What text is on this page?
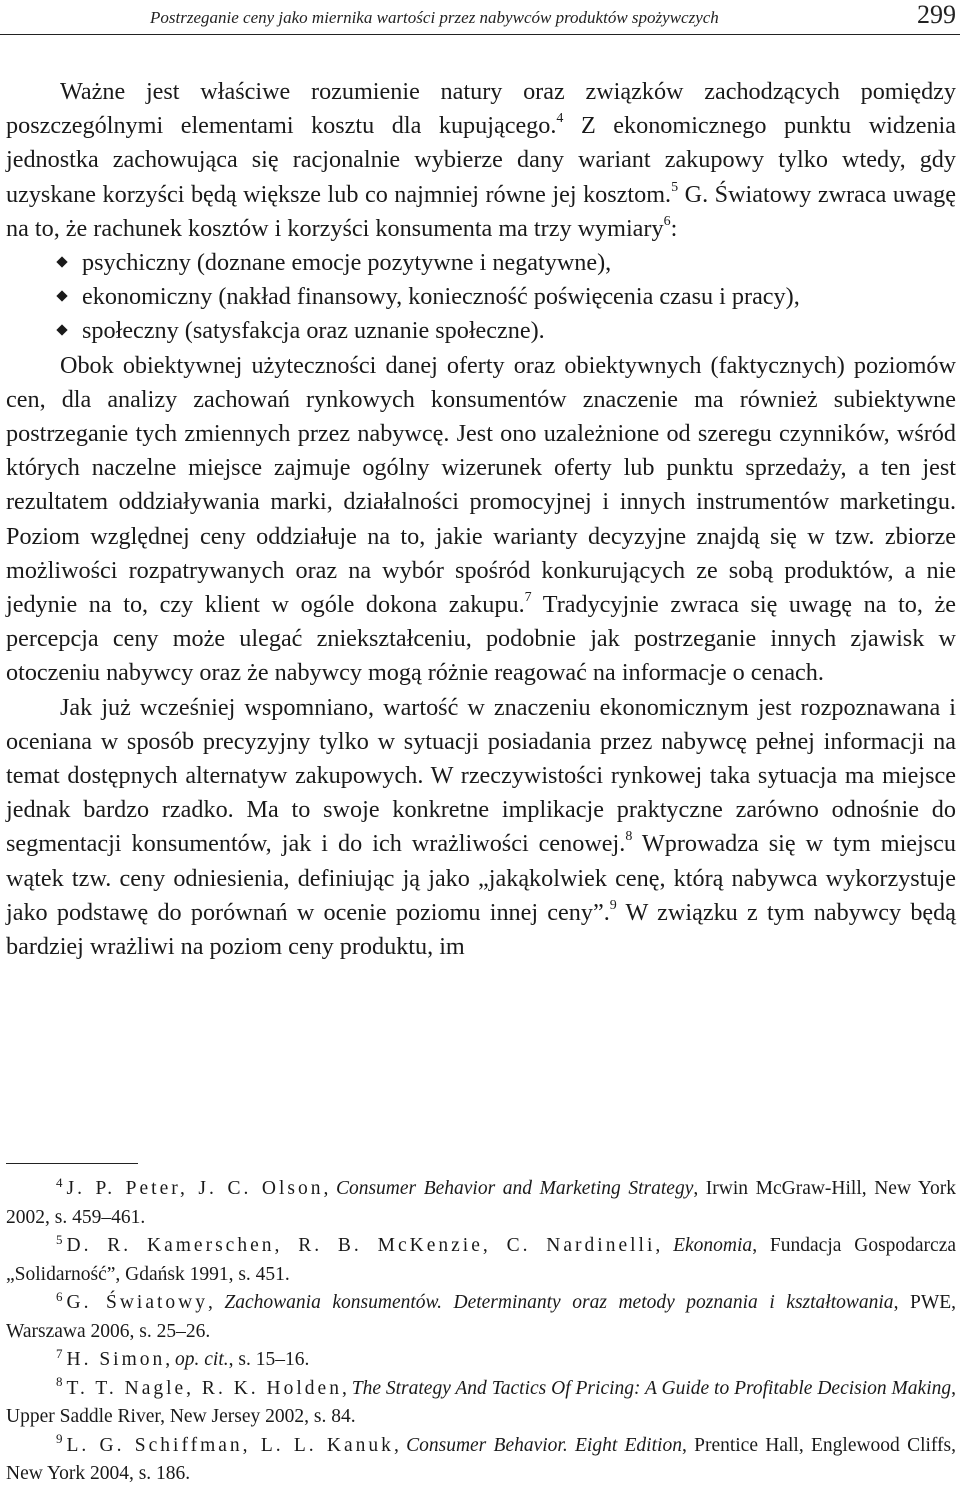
Postrzeganie ceny jako miernika wartości przez nabywców produktów spożywczych	299

Ważne jest właściwe rozumienie natury oraz związków zachodzących pomiędzy poszczególnymi elementami kosztu dla kupującego.$^4$ Z ekonomicznego punktu widzenia jednostka zachowująca się racjonalnie wybierze dany wariant zakupowy tylko wtedy, gdy uzyskane korzyści będą większe lub co najmniej równe jej kosztom.$^5$ G. Światowy zwraca uwagę na to, że rachunek kosztów i korzyści konsumenta ma trzy wymiary$^6$:

psychiczny (doznane emocje pozytywne i negatywne),
ekonomiczny (nakład finansowy, konieczność poświęcenia czasu i pracy),
społeczny (satysfakcja oraz uznanie społeczne).

Obok obiektywnej użyteczności danej oferty oraz obiektywnych (faktycznych) poziomów cen, dla analizy zachowań rynkowych konsumentów znaczenie ma również subiektywne postrzeganie tych zmiennych przez nabywcę. Jest ono uzależnione od szeregu czynników, wśród których naczelne miejsce zajmuje ogólny wizerunek oferty lub punktu sprzedaży, a ten jest rezultatem oddziaływania marki, działalności promocyjnej i innych instrumentów marketingu. Poziom względnej ceny oddziałuje na to, jakie warianty decyzyjne znajdą się w tzw. zbiorze możliwości rozpatrywanych oraz na wybór spośród konkurujących ze sobą produktów, a nie jedynie na to, czy klient w ogóle dokona zakupu.$^7$ Tradycyjnie zwraca się uwagę na to, że percepcja ceny może ulegać zniekształceniu, podobnie jak postrzeganie innych zjawisk w otoczeniu nabywcy oraz że nabywcy mogą różnie reagować na informacje o cenach.

Jak już wcześniej wspomniano, wartość w znaczeniu ekonomicznym jest rozpoznawana i oceniana w sposób precyzyjny tylko w sytuacji posiadania przez nabywcę pełnej informacji na temat dostępnych alternatyw zakupowych. W rzeczywistości rynkowej taka sytuacja ma miejsce jednak bardzo rzadko. Ma to swoje konkretne implikacje praktyczne zarówno odnośnie do segmentacji konsumentów, jak i do ich wrażliwości cenowej.$^8$ Wprowadza się w tym miejscu wątek tzw. ceny odniesienia, definiując ją jako „jakąkolwiek cenę, którą nabywca wykorzystuje jako podstawę do porównań w ocenie poziomu innej ceny”.$^9$ W związku z tym nabywcy będą bardziej wrażliwi na poziom ceny produktu, im

$^4$ J. P. Peter, J. C. Olson, Consumer Behavior and Marketing Strategy, Irwin McGraw-Hill, New York 2002, s. 459–461.

$^5$ D. R. Kamerschen, R. B. McKenzie, C. Nardinelli, Ekonomia, Fundacja Gospodarcza „Solidarność”, Gdańsk 1991, s. 451.

$^6$ G. Światowy, Zachowania konsumentów. Determinanty oraz metody poznania i kształtowania, PWE, Warszawa 2006, s. 25–26.

$^7$ H. Simon, op. cit., s. 15–16.

$^8$ T. T. Nagle, R. K. Holden, The Strategy And Tactics Of Pricing: A Guide to Profitable Decision Making, Upper Saddle River, New Jersey 2002, s. 84.

$^9$ L. G. Schiffman, L. L. Kanuk, Consumer Behavior. Eight Edition, Prentice Hall, Englewood Cliffs, New York 2004, s. 186.
